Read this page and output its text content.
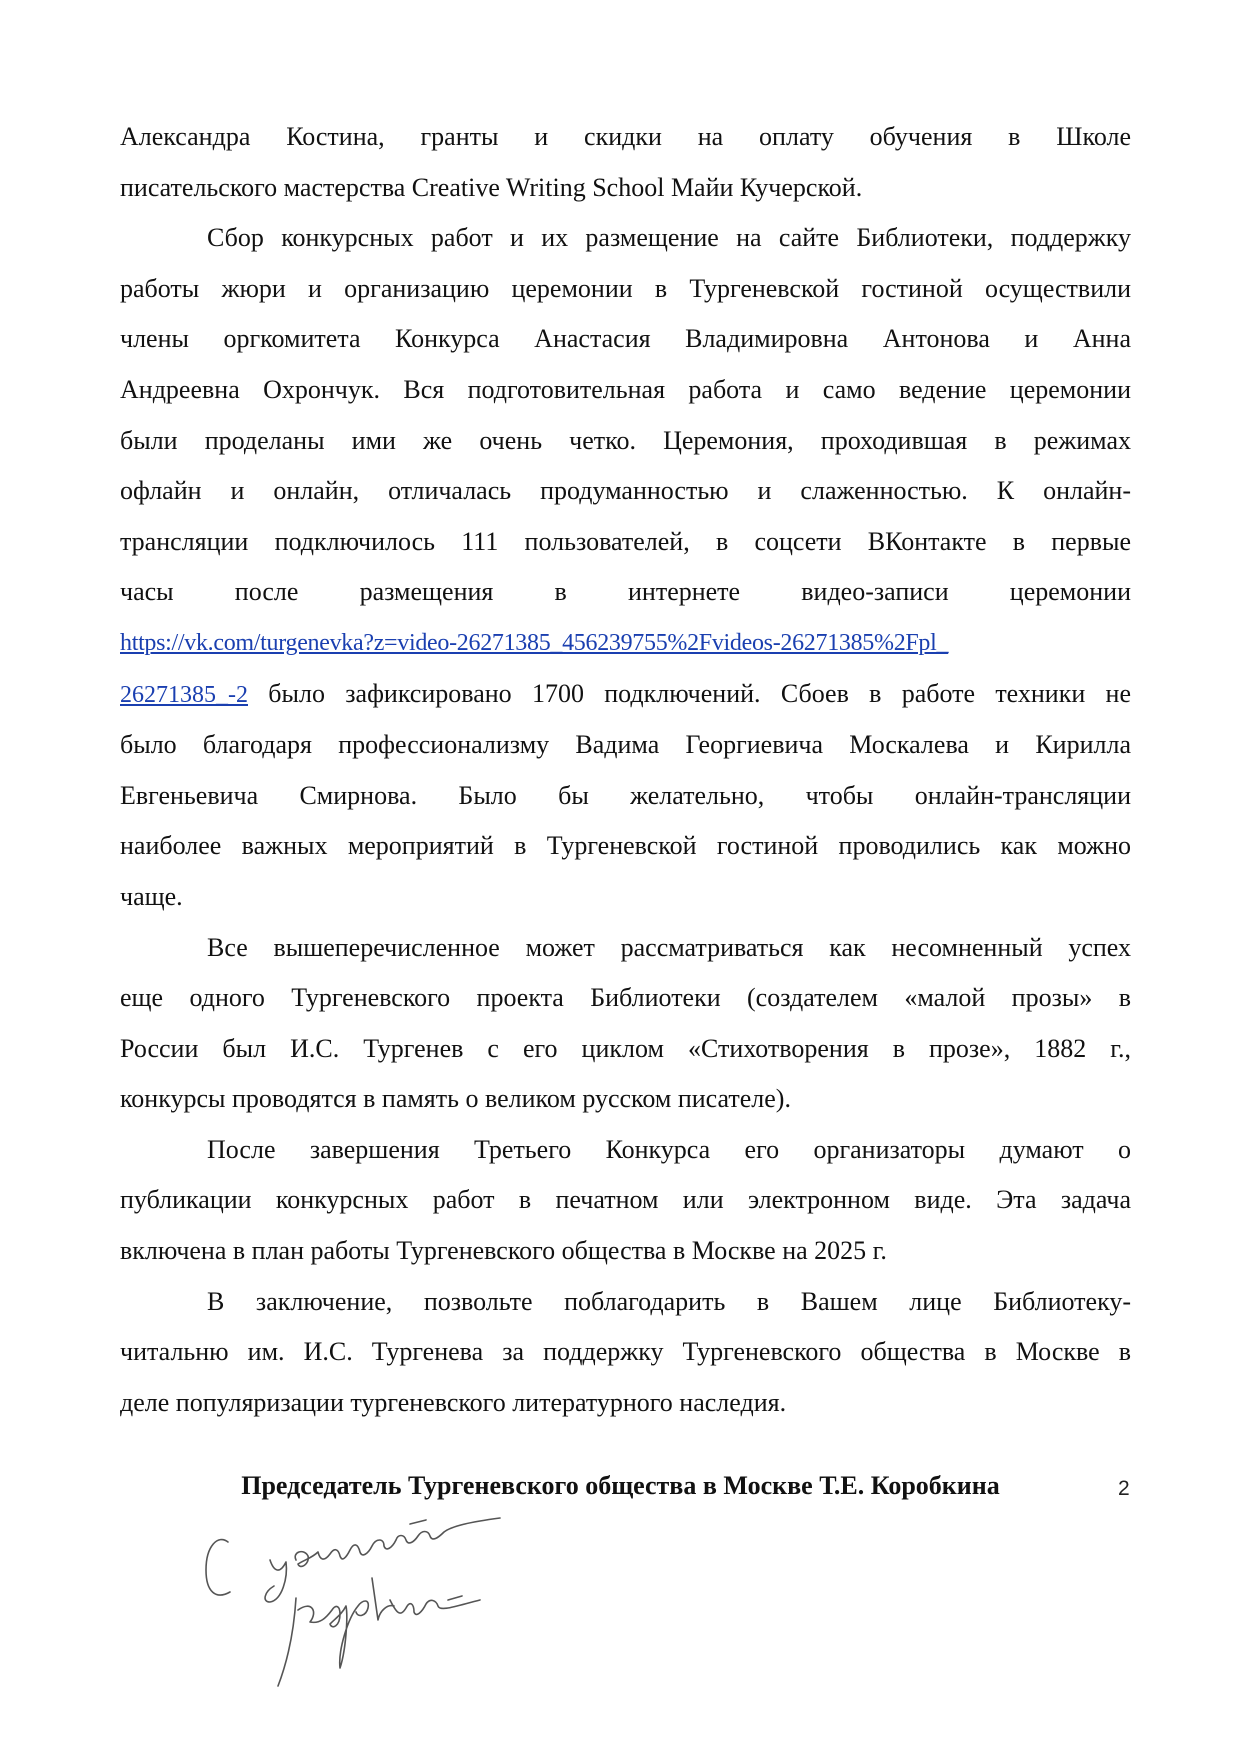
Александра Костина, гранты и скидки на оплату обучения в Школе
писательского мастерства Creative Writing School Майи Кучерской.
Сбор конкурсных работ и их размещение на сайте Библиотеки, поддержку
работы жюри и организацию церемонии в Тургеневской гостиной осуществили
члены оргкомитета Конкурса Анастасия Владимировна Антонова и Анна
Андреевна Охрончук. Вся подготовительная работа и само ведение церемонии
были проделаны ими же очень четко. Церемония, проходившая в режимах
офлайн и онлайн, отличалась продуманностью и слаженностью. К онлайн-
трансляции подключилось 111 пользователей, в соцсети ВКонтакте в первые
часы после размещения в интернете видео-записи церемонии
https://vk.com/turgenevka?z=video-26271385_456239755%2Fvideos-26271385%2Fpl_
26271385_-2 было зафиксировано 1700 подключений. Сбоев в работе техники не
было благодаря профессионализму Вадима Георгиевича Москалева и Кирилла
Евгеньевича Смирнова. Было бы желательно, чтобы онлайн-трансляции
наиболее важных мероприятий в Тургеневской гостиной проводились как можно
чаще.
Все вышеперечисленное может рассматриваться как несомненный успех
еще одного Тургеневского проекта Библиотеки (создателем «малой прозы» в
России был И.С. Тургенев с его циклом «Стихотворения в прозе», 1882 г.,
конкурсы проводятся в память о великом русском писателе).
После завершения Третьего Конкурса его организаторы думают о
публикации конкурсных работ в печатном или электронном виде. Эта задача
включена в план работы Тургеневского общества в Москве на 2025 г.
В заключение, позвольте поблагодарить в Вашем лице Библиотеку-
читальню им. И.С. Тургенева за поддержку Тургеневского общества в Москве в
деле популяризации тургеневского литературного наследия.
Председатель Тургеневского общества в Москве Т.Е. Коробкина	2
